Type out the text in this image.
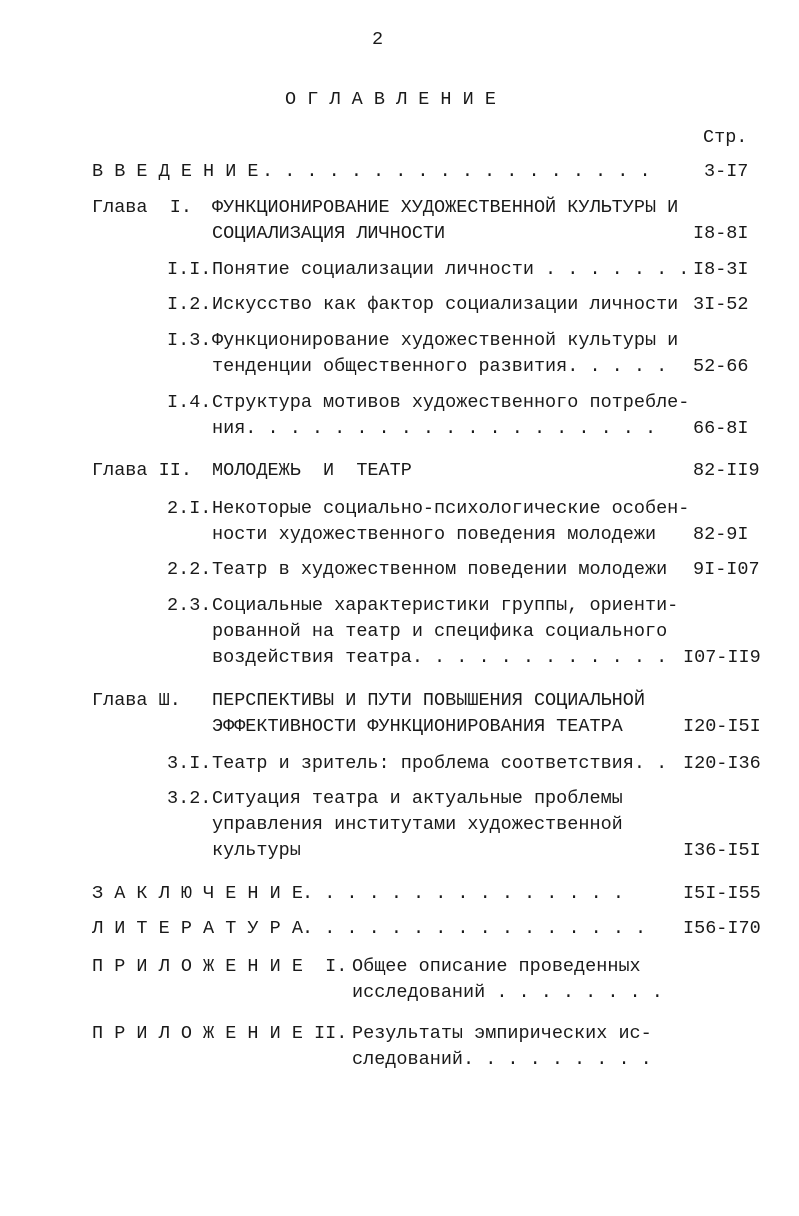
2
О Г Л А В Л Е Н И Е
Стр.
В В Е Д Е Н И Е . . . . . . . . . . . . . . . . . .	3-I7
Глава  I. ФУНКЦИОНИРОВАНИЕ ХУДОЖЕСТВЕННОЙ КУЛЬТУРЫ И
СОЦИАЛИЗАЦИЯ ЛИЧНОСТИ	I8-8I
I.I. Понятие социализации личности . . . . . . . I8-3I
I.2. Искусство как фактор социализации личности 3I-52
I.3. Функционирование художественной культуры и
тенденции общественного развития. . . . . 52-66
I.4. Структура мотивов художественного потребле-
ния. . . . . . . . . . . . . . . . . . . 66-8I
Глава II. МОЛОДЕЖЬ  И  ТЕАТР	82-II9
2.I. Некоторые социально-психологические особен-
ности художественного поведения молодежи 82-9I
2.2. Театр в художественном поведении молодежи 9I-I07
2.3. Социальные характеристики группы, ориенти-
рованной на театр и специфика социального
воздействия театра. . . . . . . . . . . . I07-II9
Глава Ш. ПЕРСПЕКТИВЫ И ПУТИ ПОВЫШЕНИЯ СОЦИАЛЬНОЙ
ЭФФЕКТИВНОСТИ ФУНКЦИОНИРОВАНИЯ ТЕАТРА	I20-I5I
3.I. Театр и зритель: проблема соответствия. . I20-I36
3.2. Ситуация театра и актуальные проблемы
управления институтами художественной
культуры	I36-I5I
З А К Л Ю Ч Е Н И Е . . . . . . . . . . . . . . .	I5I-I55
Л И Т Е Р А Т У Р А . . . . . . . . . . . . . . . . I56-I70
П Р И Л О Ж Е Н И Е  I. Общее описание проведенных
исследований . . . . . . . .
П Р И Л О Ж Е Н И Е II. Результаты эмпирических ис-
следований. . . . . . . . .
